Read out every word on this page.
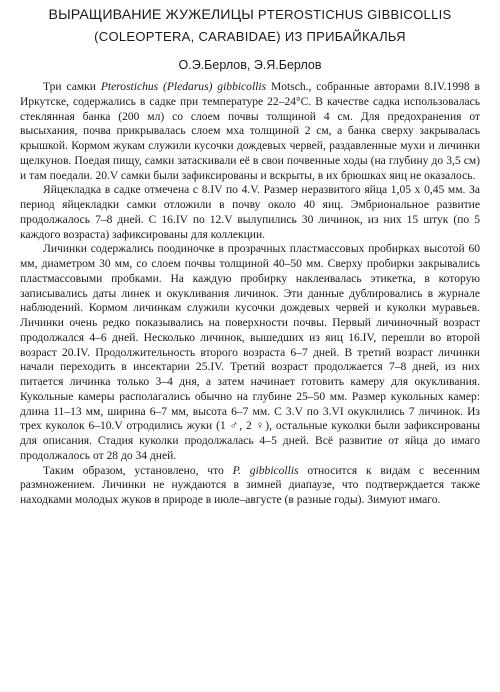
ВЫРАЩИВАНИЕ ЖУЖЕЛИЦЫ PTEROSTICHUS GIBBICOLLIS
(COLEOPTERA, CARABIDAE) ИЗ ПРИБАЙКАЛЬЯ
О.Э.Берлов, Э.Я.Берлов

Три самки Pterostichus (Pledarus) gibbicollis Motsch., собранные авторами 8.IV.1998 в Иркутске, содержались в садке при температуре 22–24°С. В качестве садка использовалась стеклянная банка (200 мл) со слоем почвы толщиной 4 см. Для предохранения от высыхания, почва прикрывалась слоем мха толщиной 2 см, а банка сверху закрывалась крышкой. Кормом жукам служили кусочки дождевых червей, раздавленные мухи и личинки щелкунов. Поедая пищу, самки затаскивали её в свои почвенные ходы (на глубину до 3,5 см) и там поедали. 20.V самки были зафиксированы и вскрыты, в их брюшках яиц не оказалось.

Яйцекладка в садке отмечена с 8.IV по 4.V. Размер неразвитого яйца 1,05 х 0,45 мм. За период яйцекладки самки отложили в почву около 40 яиц. Эмбриональное развитие продолжалось 7–8 дней. С 16.IV по 12.V вылупились 30 личинок, из них 15 штук (по 5 каждого возраста) зафиксированы для коллекции.

Личинки содержались поодиночке в прозрачных пластмассовых пробирках высотой 60 мм, диаметром 30 мм, со слоем почвы толщиной 40–50 мм. Сверху пробирки закрывались пластмассовыми пробками. На каждую пробирку наклеивалась этикетка, в которую записывались даты линек и окукливания личинок. Эти данные дублировались в журнале наблюдений. Кормом личинкам служили кусочки дождевых червей и куколки муравьев. Личинки очень редко показывались на поверхности почвы. Первый личиночный возраст продолжался 4–6 дней. Несколько личинок, вышедших из яиц 16.IV, перешли во второй возраст 20.IV. Продолжительность второго возраста 6–7 дней. В третий возраст личинки начали переходить в инсектарии 25.IV. Третий возраст продолжается 7–8 дней, из них питается личинка только 3–4 дня, а затем начинает готовить камеру для окукливания. Кукольные камеры располагались обычно на глубине 25–50 мм. Размер кукольных камер: длина 11–13 мм, ширина 6–7 мм, высота 6–7 мм. С 3.V по 3.VI окуклились 7 личинок. Из трех куколок 6–10.V отродились жуки (1 ♂, 2 ♀), остальные куколки были зафиксированы для описания. Стадия куколки продолжалась 4–5 дней. Всё развитие от яйца до имаго продолжалось от 28 до 34 дней.

Таким образом, установлено, что P. gibbicollis относится к видам с весенним размножением. Личинки не нуждаются в зимней диапаузе, что подтверждается также находками молодых жуков в природе в июле–августе (в разные годы). Зимуют имаго.
